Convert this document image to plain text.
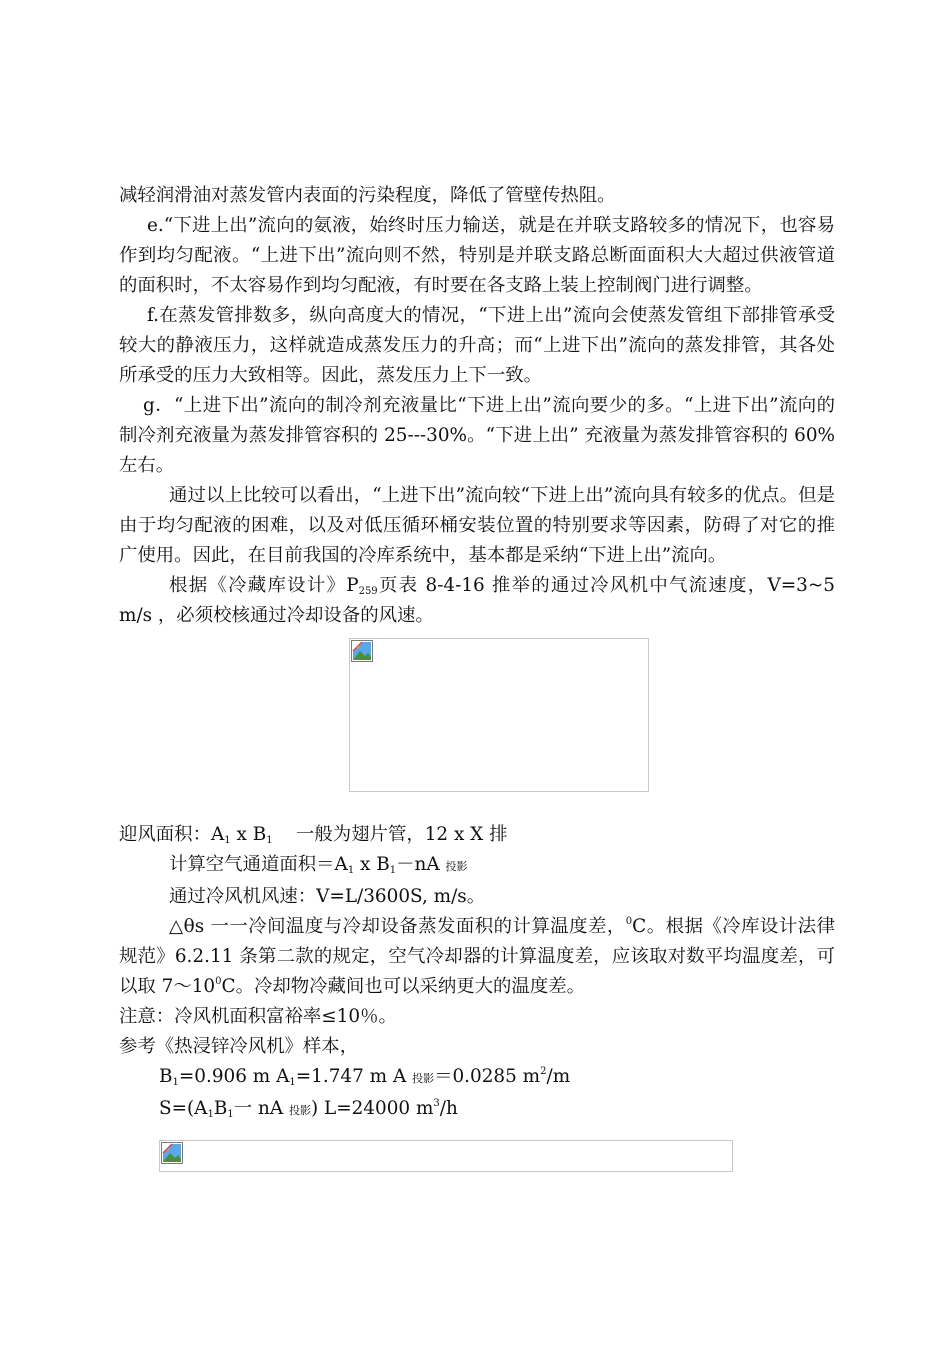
减轻润滑油对蒸发管内表面的污染程度，降低了管壁传热阻。

e.“下进上出”流向的氨液，始终时压力输送，就是在并联支路较多的情况下，也容易作到均匀配液。“上进下出”流向则不然，特别是并联支路总断面面积大大超过供液管道的面积时，不太容易作到均匀配液，有时要在各支路上装上控制阀门进行调整。

f.在蒸发管排数多，纵向高度大的情况，“下进上出”流向会使蒸发管组下部排管承受较大的静液压力，这样就造成蒸发压力的升高；而“上进下出”流向的蒸发排管，其各处所承受的压力大致相等。因此，蒸发压力上下一致。

g．“上进下出”流向的制冷剂充液量比“下进上出”流向要少的多。“上进下出”流向的制冷剂充液量为蒸发排管容积的 25---30%。“下进上出” 充液量为蒸发排管容积的 60%左右。

通过以上比较可以看出，“上进下出”流向较“下进上出”流向具有较多的优点。但是由于均匀配液的困难，以及对低压循环桶安装位置的特别要求等因素，防碍了对它的推广使用。因此，在目前我国的冷库系统中，基本都是采纳“下进上出”流向。

根据《冷藏库设计》$P_{259}$页表 8-4-16 推举的通过冷风机中气流速度，V=3~5 m/s ，必须校核通过冷却设备的风速。

迎风面积：$A_1$ x $B_1$ 一般为翅片管，12 x X 排

计算空气通道面积$=A_1$ x $B_1-nA$ 投影

通过冷风机风速：V=L/3600S, m/s。

△θs 一一冷间温度与冷却设备蒸发面积的计算温度差，$^0$C。根据《冷库设计法律规范》6.2.11 条第二款的规定，空气冷却器的计算温度差，应该取对数平均温度差，可以取 $7\sim 10^0C$。冷却物冷藏间也可以采纳更大的温度差。

注意：冷风机面积富裕率≤10％。

参考《热浸锌冷风机》样本，

$B_1=0.906$ m $A_1=1.747$ m A 投影＝0.0285 $m^2/m$

$S=(A_1B_1$一 nA 投影) L=24000 $m^3/h$
